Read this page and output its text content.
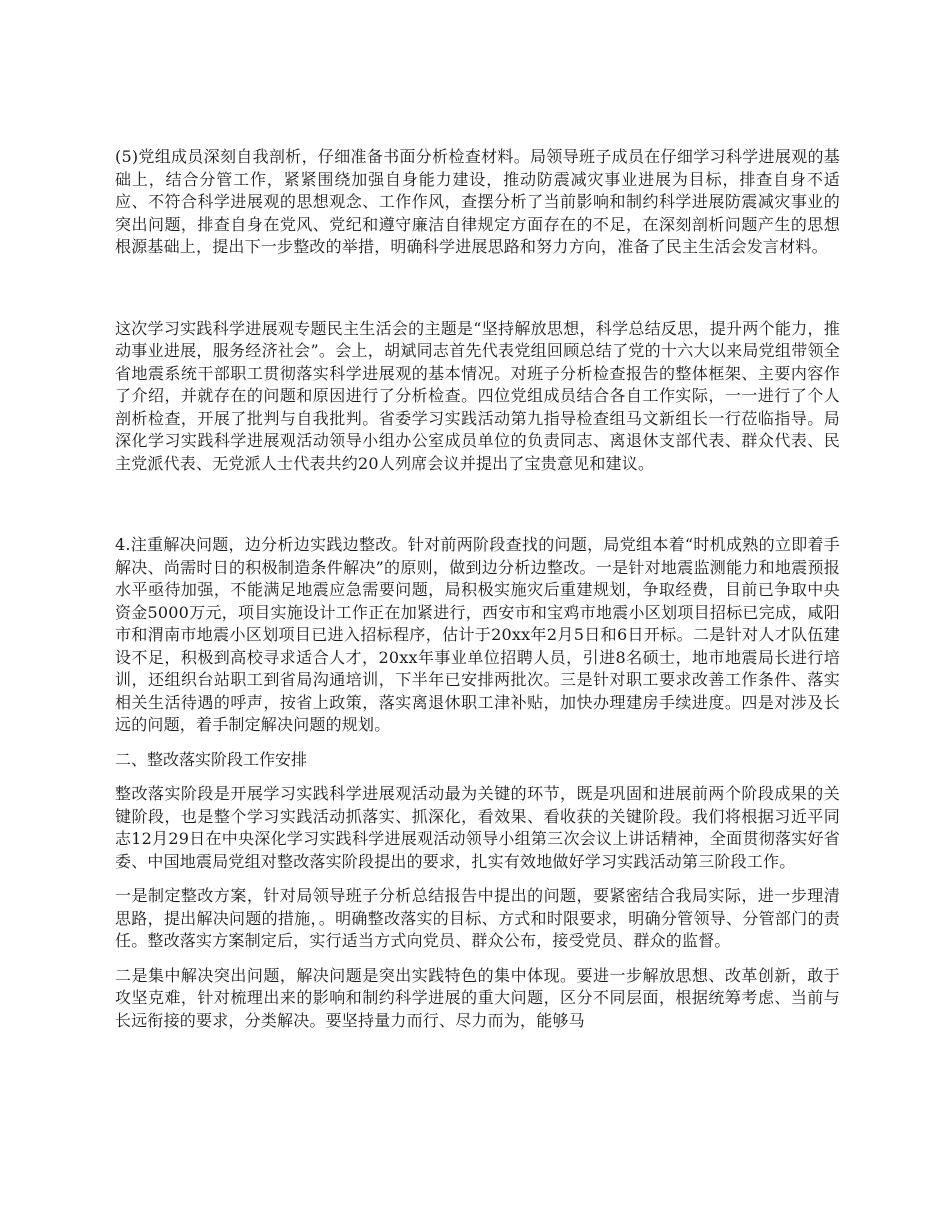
(5)党组成员深刻自我剖析，仔细准备书面分析检查材料。局领导班子成员在仔细学习科学进展观的基础上，结合分管工作，紧紧围绕加强自身能力建设，推动防震减灾事业进展为目标，排查自身不适应、不符合科学进展观的思想观念、工作作风，查摆分析了当前影响和制约科学进展防震减灾事业的突出问题，排查自身在党风、党纪和遵守廉洁自律规定方面存在的不足，在深刻剖析问题产生的思想根源基础上，提出下一步整改的举措，明确科学进展思路和努力方向，准备了民主生活会发言材料。

这次学习实践科学进展观专题民主生活会的主题是“坚持解放思想，科学总结反思，提升两个能力，推动事业进展，服务经济社会”。会上，胡斌同志首先代表党组回顾总结了党的十六大以来局党组带领全省地震系统干部职工贯彻落实科学进展观的基本情况。对班子分析检查报告的整体框架、主要内容作了介绍，并就存在的问题和原因进行了分析检查。四位党组成员结合各自工作实际，一一进行了个人剖析检查，开展了批判与自我批判。省委学习实践活动第九指导检查组马文新组长一行莅临指导。局深化学习实践科学进展观活动领导小组办公室成员单位的负责同志、离退休支部代表、群众代表、民主党派代表、无党派人士代表共约20人列席会议并提出了宝贵意见和建议。

4.注重解决问题，边分析边实践边整改。针对前两阶段查找的问题，局党组本着“时机成熟的立即着手解决、尚需时日的积极制造条件解决”的原则，做到边分析边整改。一是针对地震监测能力和地震预报水平亟待加强，不能满足地震应急需要问题，局积极实施灾后重建规划，争取经费，目前已争取中央资金5000万元，项目实施设计工作正在加紧进行，西安市和宝鸡市地震小区划项目招标已完成，咸阳市和渭南市地震小区划项目已进入招标程序，估计于20xx年2月5日和6日开标。二是针对人才队伍建设不足，积极到高校寻求适合人才，20xx年事业单位招聘人员，引进8名硕士，地市地震局长进行培训，还组织台站职工到省局沟通培训，下半年已安排两批次。三是针对职工要求改善工作条件、落实相关生活待遇的呼声，按省上政策，落实离退休职工津补贴，加快办理建房手续进度。四是对涉及长远的问题，着手制定解决问题的规划。

二、整改落实阶段工作安排

整改落实阶段是开展学习实践科学进展观活动最为关键的环节，既是巩固和进展前两个阶段成果的关键阶段，也是整个学习实践活动抓落实、抓深化，看效果、看收获的关键阶段。我们将根据习近平同志12月29日在中央深化学习实践科学进展观活动领导小组第三次会议上讲话精神，全面贯彻落实好省委、中国地震局党组对整改落实阶段提出的要求，扎实有效地做好学习实践活动第三阶段工作。

一是制定整改方案，针对局领导班子分析总结报告中提出的问题，要紧密结合我局实际，进一步理清思路，提出解决问题的措施，。明确整改落实的目标、方式和时限要求，明确分管领导、分管部门的责任。整改落实方案制定后，实行适当方式向党员、群众公布，接受党员、群众的监督。

二是集中解决突出问题，解决问题是突出实践特色的集中体现。要进一步解放思想、改革创新，敢于攻坚克难，针对梳理出来的影响和制约科学进展的重大问题，区分不同层面，根据统筹考虑、当前与长远衔接的要求，分类解决。要坚持量力而行、尽力而为，能够马
